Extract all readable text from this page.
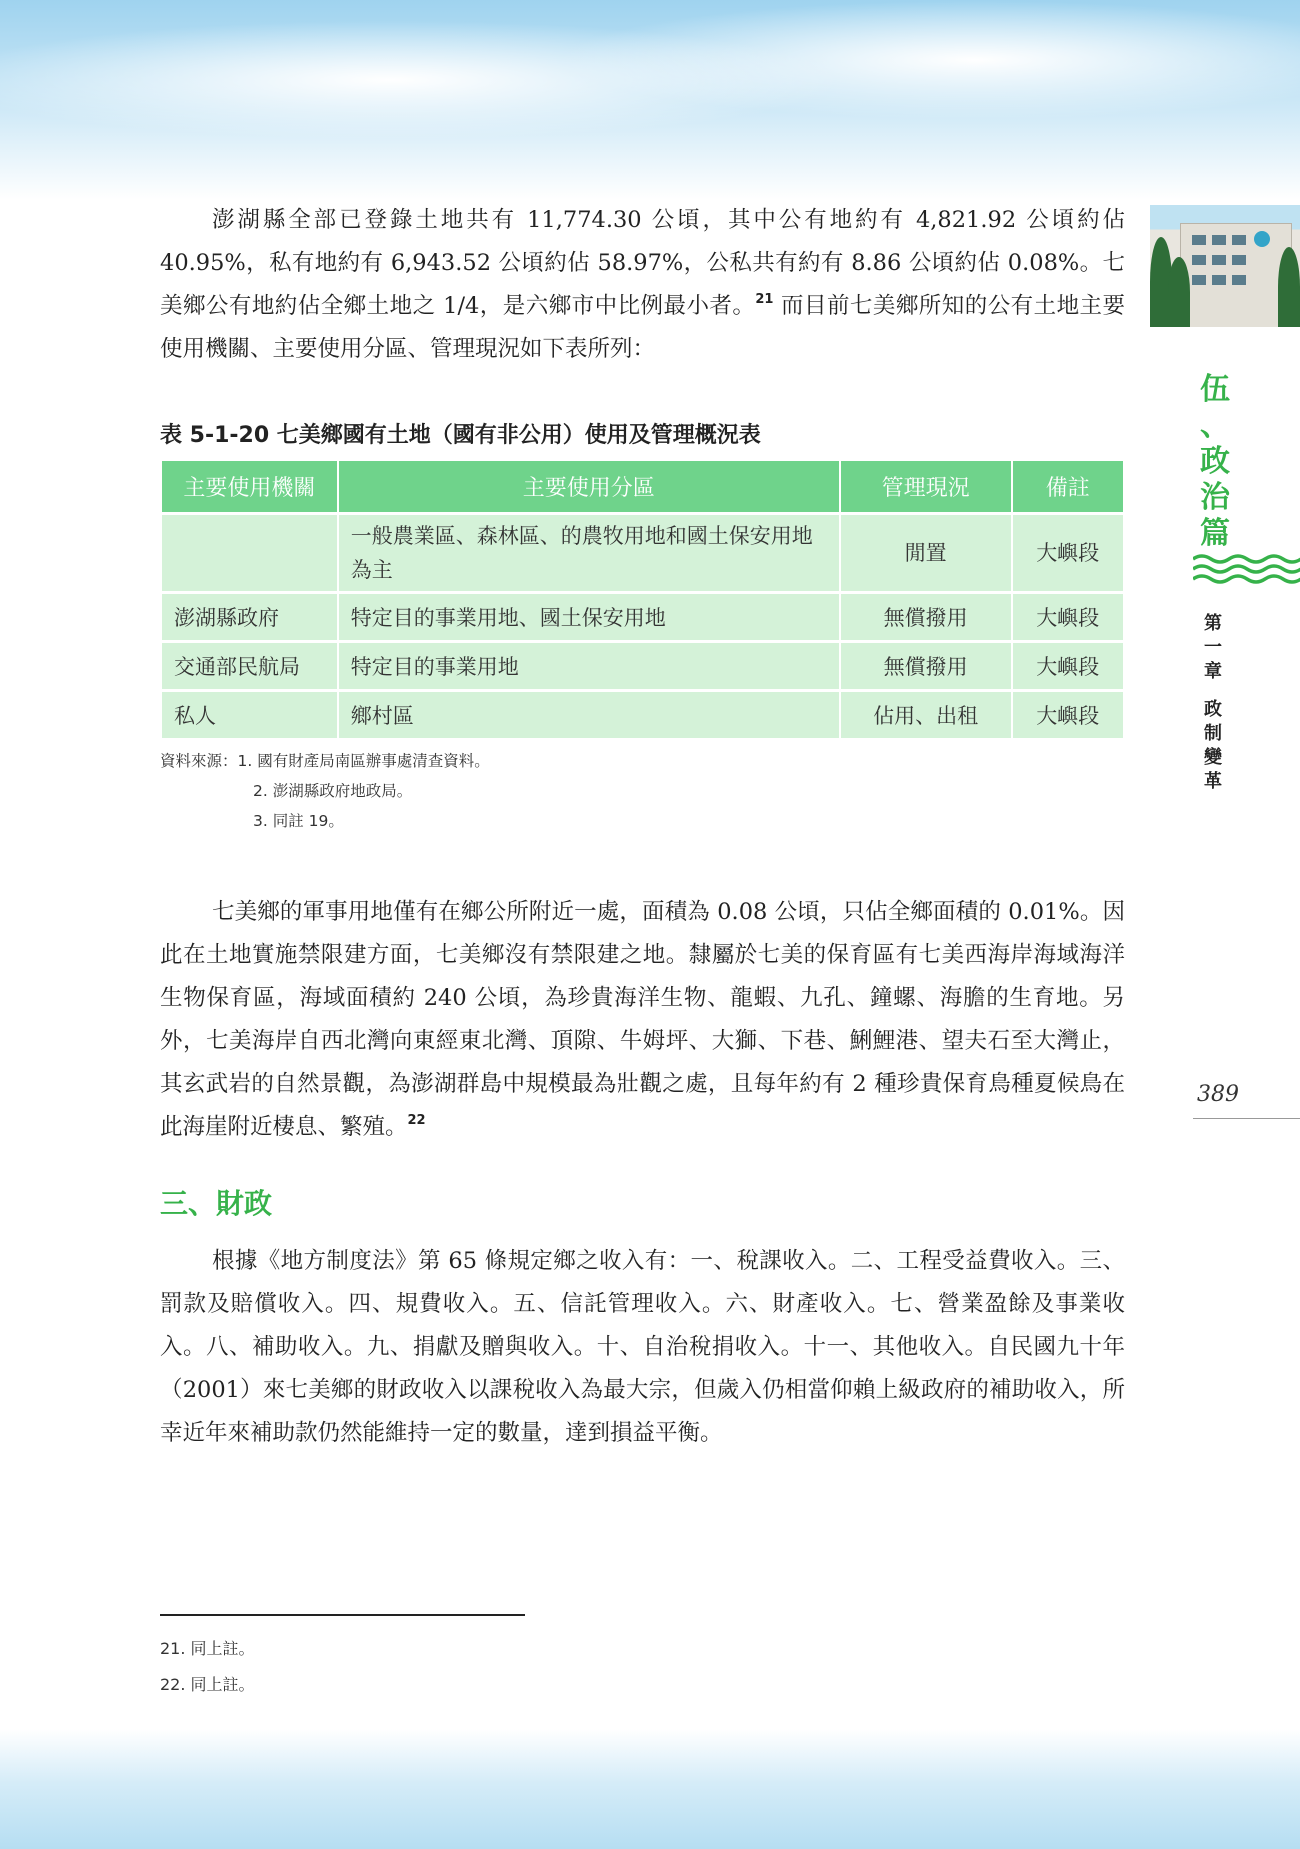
伍
、
政
治
篇
第
一
章
政
制
變
革
389

澎湖縣全部已登錄土地共有 11,774.30 公頃，其中公有地約有 4,821.92 公頃約佔 40.95%，私有地約有 6,943.52 公頃約佔 58.97%，公私共有約有 8.86 公頃約佔 0.08%。七美鄉公有地約佔全鄉土地之 1/4，是六鄉市中比例最小者。$^{21}$ 而目前七美鄉所知的公有土地主要使用機關、主要使用分區、管理現況如下表所列：

表 5-1-20 七美鄉國有土地（國有非公用）使用及管理概況表
主要使用機關	主要使用分區	管理現況	備註
	一般農業區、森林區、的農牧用地和國土保安用地為主	閒置	大嶼段
澎湖縣政府	特定目的事業用地、國土保安用地	無償撥用	大嶼段
交通部民航局	特定目的事業用地	無償撥用	大嶼段
私人	鄉村區	佔用、出租	大嶼段
資料來源：1. 國有財產局南區辦事處清查資料。
2. 澎湖縣政府地政局。
3. 同註 19。

七美鄉的軍事用地僅有在鄉公所附近一處，面積為 0.08 公頃，只佔全鄉面積的 0.01%。因此在土地實施禁限建方面，七美鄉沒有禁限建之地。隸屬於七美的保育區有七美西海岸海域海洋生物保育區，海域面積約 240 公頃，為珍貴海洋生物、龍蝦、九孔、鐘螺、海膽的生育地。另外，七美海岸自西北灣向東經東北灣、頂隙、牛姆坪、大獅、下巷、鯏鯉港、望夫石至大灣止，其玄武岩的自然景觀，為澎湖群島中規模最為壯觀之處，且每年約有 2 種珍貴保育鳥種夏候鳥在此海崖附近棲息、繁殖。$^{22}$

三、財政

根據《地方制度法》第 65 條規定鄉之收入有：一、稅課收入。二、工程受益費收入。三、罰款及賠償收入。四、規費收入。五、信託管理收入。六、財產收入。七、營業盈餘及事業收入。八、補助收入。九、捐獻及贈與收入。十、自治稅捐收入。十一、其他收入。自民國九十年（2001）來七美鄉的財政收入以課稅收入為最大宗，但歲入仍相當仰賴上級政府的補助收入，所幸近年來補助款仍然能維持一定的數量，達到損益平衡。

21. 同上註。
22. 同上註。
